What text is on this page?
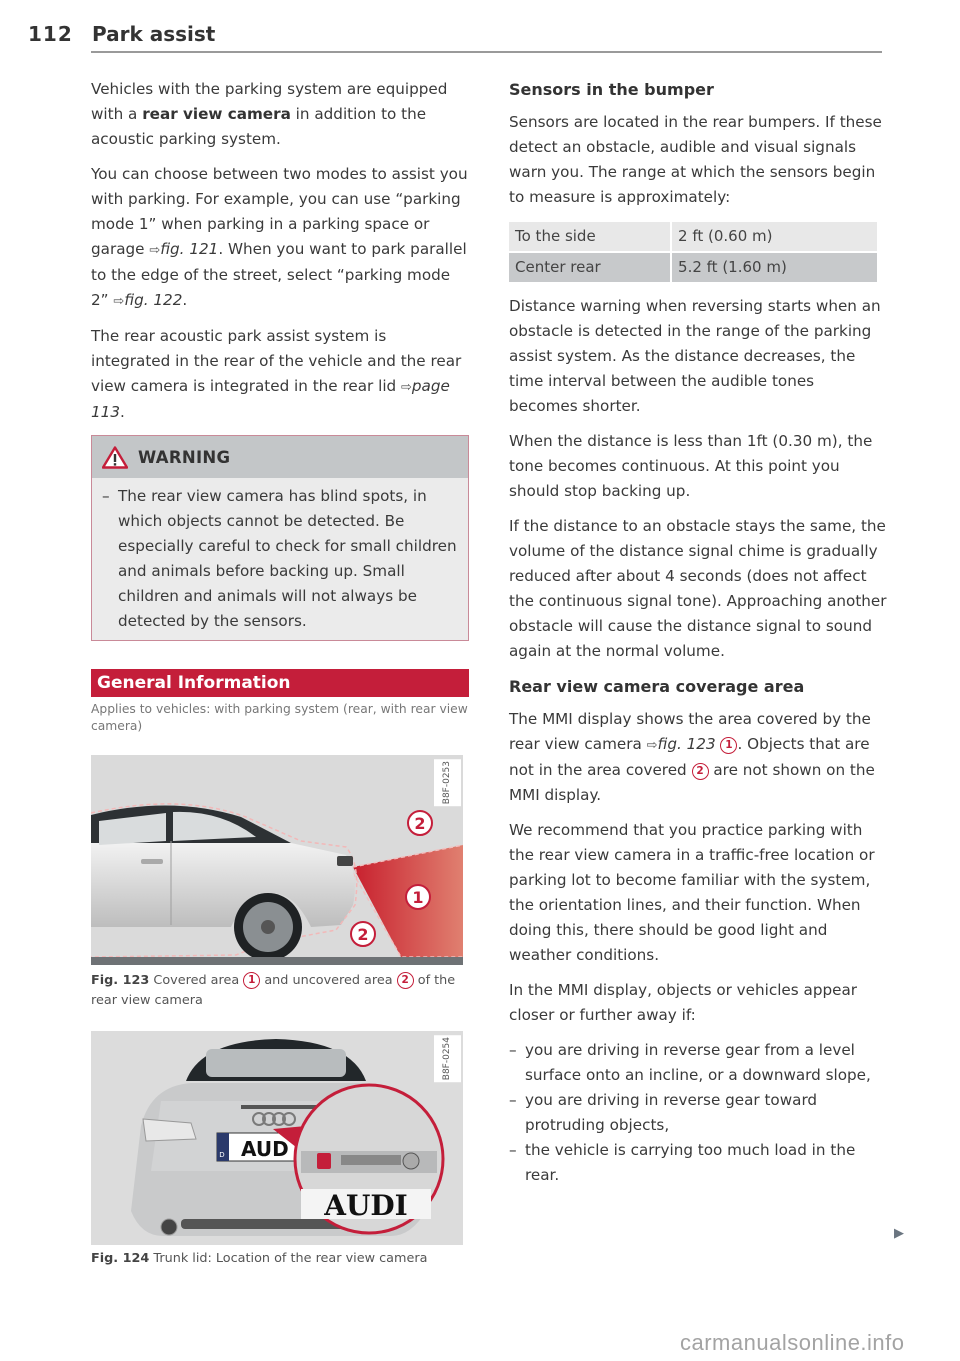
112 Park assist

Vehicles with the parking system are equipped with a rear view camera in addition to the acoustic parking system.

You can choose between two modes to assist you with parking. For example, you can use “parking mode 1” when parking in a parking space or garage ⇨fig. 121. When you want to park parallel to the edge of the street, select “parking mode 2” ⇨fig. 122.

The rear acoustic park assist system is integrated in the rear of the vehicle and the rear view camera is integrated in the rear lid ⇨page 113.

WARNING
– The rear view camera has blind spots, in which objects cannot be detected. Be especially careful to check for small children and animals before backing up. Small children and animals will not always be detected by the sensors.
General Information
Applies to vehicles: with parking system (rear, with rear view camera)
2
1
2
B8F-0253
Fig. 123 Covered area 1 and uncovered area 2 of the rear view camera
D AUD
AUDI
B8F-0254
Fig. 124 Trunk lid: Location of the rear view camera
Sensors in the bumper

Sensors are located in the rear bumpers. If these detect an obstacle, audible and visual signals warn you. The range at which the sensors begin to measure is approximately:

To the side	2 ft (0.60 m)
Center rear	5.2 ft (1.60 m)

Distance warning when reversing starts when an obstacle is detected in the range of the parking assist system. As the distance decreases, the time interval between the audible tones becomes shorter.

When the distance is less than 1ft (0.30 m), the tone becomes continuous. At this point you should stop backing up.

If the distance to an obstacle stays the same, the volume of the distance signal chime is gradually reduced after about 4 seconds (does not affect the continuous signal tone). Approaching another obstacle will cause the distance signal to sound again at the normal volume.

Rear view camera coverage area

The MMI display shows the area covered by the rear view camera ⇨fig. 123 1 . Objects that are not in the area covered 2 are not shown on the MMI display.

We recommend that you practice parking with the rear view camera in a traffic-free location or parking lot to become familiar with the system, the orientation lines, and their function. When doing this, there should be good light and weather conditions.

In the MMI display, objects or vehicles appear closer or further away if:

– you are driving in reverse gear from a level surface onto an incline, or a downward slope,
– you are driving in reverse gear toward protruding objects,
– the vehicle is carrying too much load in the rear.
▶
carmanualsonline.info
